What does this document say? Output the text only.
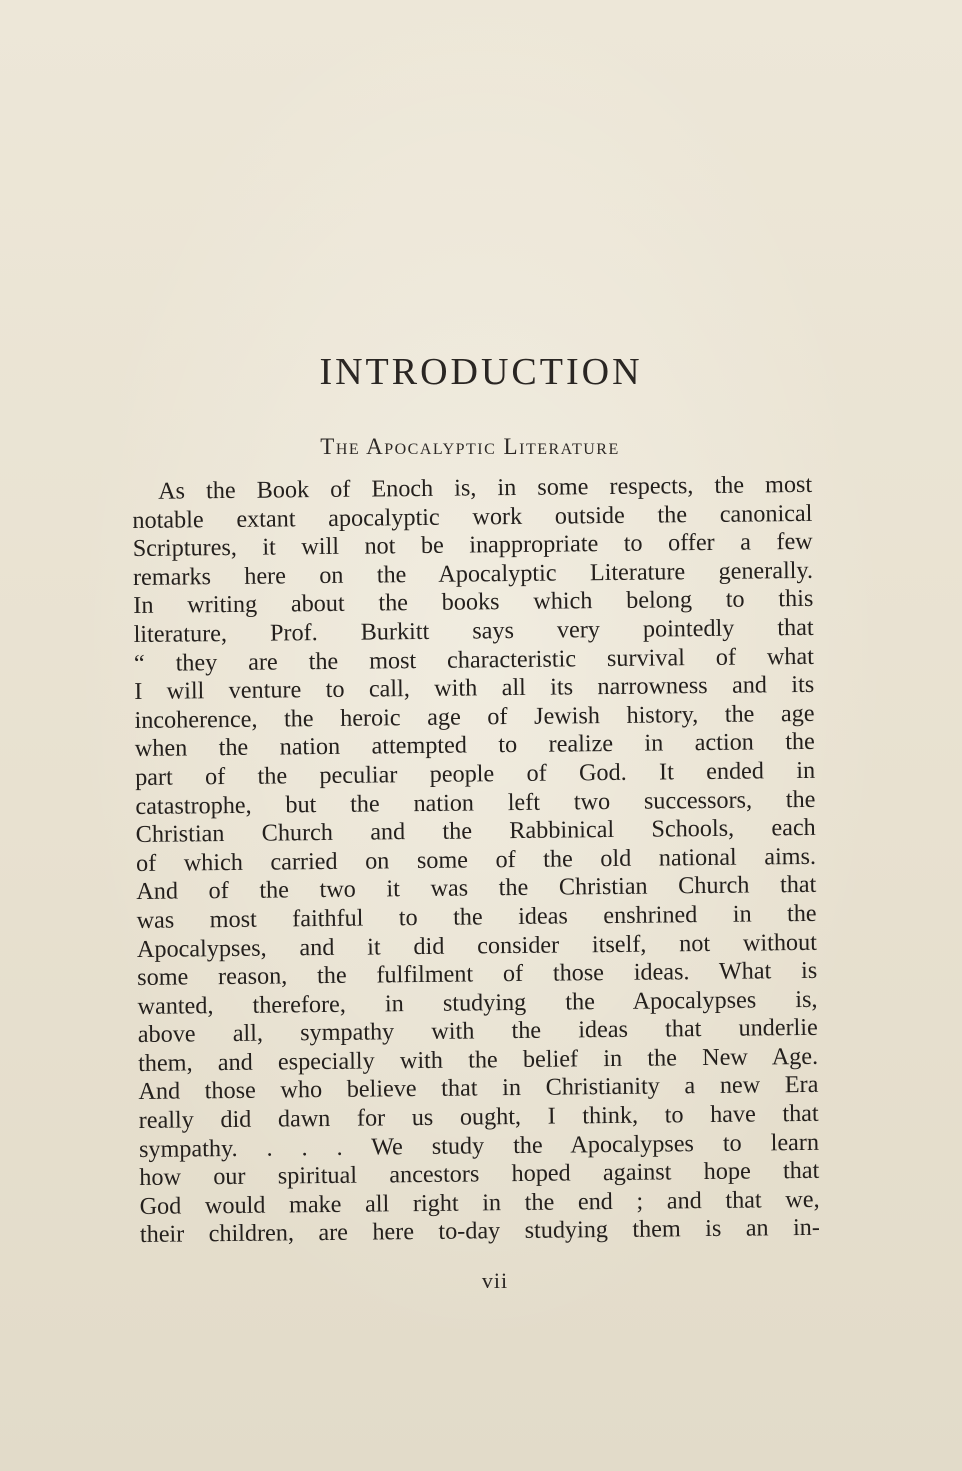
INTRODUCTION
The Apocalyptic Literature
As the Book of Enoch is, in some respects, the most
notable extant apocalyptic work outside the canonical
Scriptures, it will not be inappropriate to offer a few
remarks here on the Apocalyptic Literature generally.
In writing about the books which belong to this
literature, Prof. Burkitt says very pointedly that
“ they are the most characteristic survival of what
I will venture to call, with all its narrowness and its
incoherence, the heroic age of Jewish history, the age
when the nation attempted to realize in action the
part of the peculiar people of God. It ended in
catastrophe, but the nation left two successors, the
Christian Church and the Rabbinical Schools, each
of which carried on some of the old national aims.
And of the two it was the Christian Church that
was most faithful to the ideas enshrined in the
Apocalypses, and it did consider itself, not without
some reason, the fulfilment of those ideas. What is
wanted, therefore, in studying the Apocalypses is,
above all, sympathy with the ideas that underlie
them, and especially with the belief in the New Age.
And those who believe that in Christianity a new Era
really did dawn for us ought, I think, to have that
sympathy. . . . We study the Apocalypses to learn
how our spiritual ancestors hoped against hope that
God would make all right in the end ; and that we,
their children, are here to-day studying them is an in-
vii
